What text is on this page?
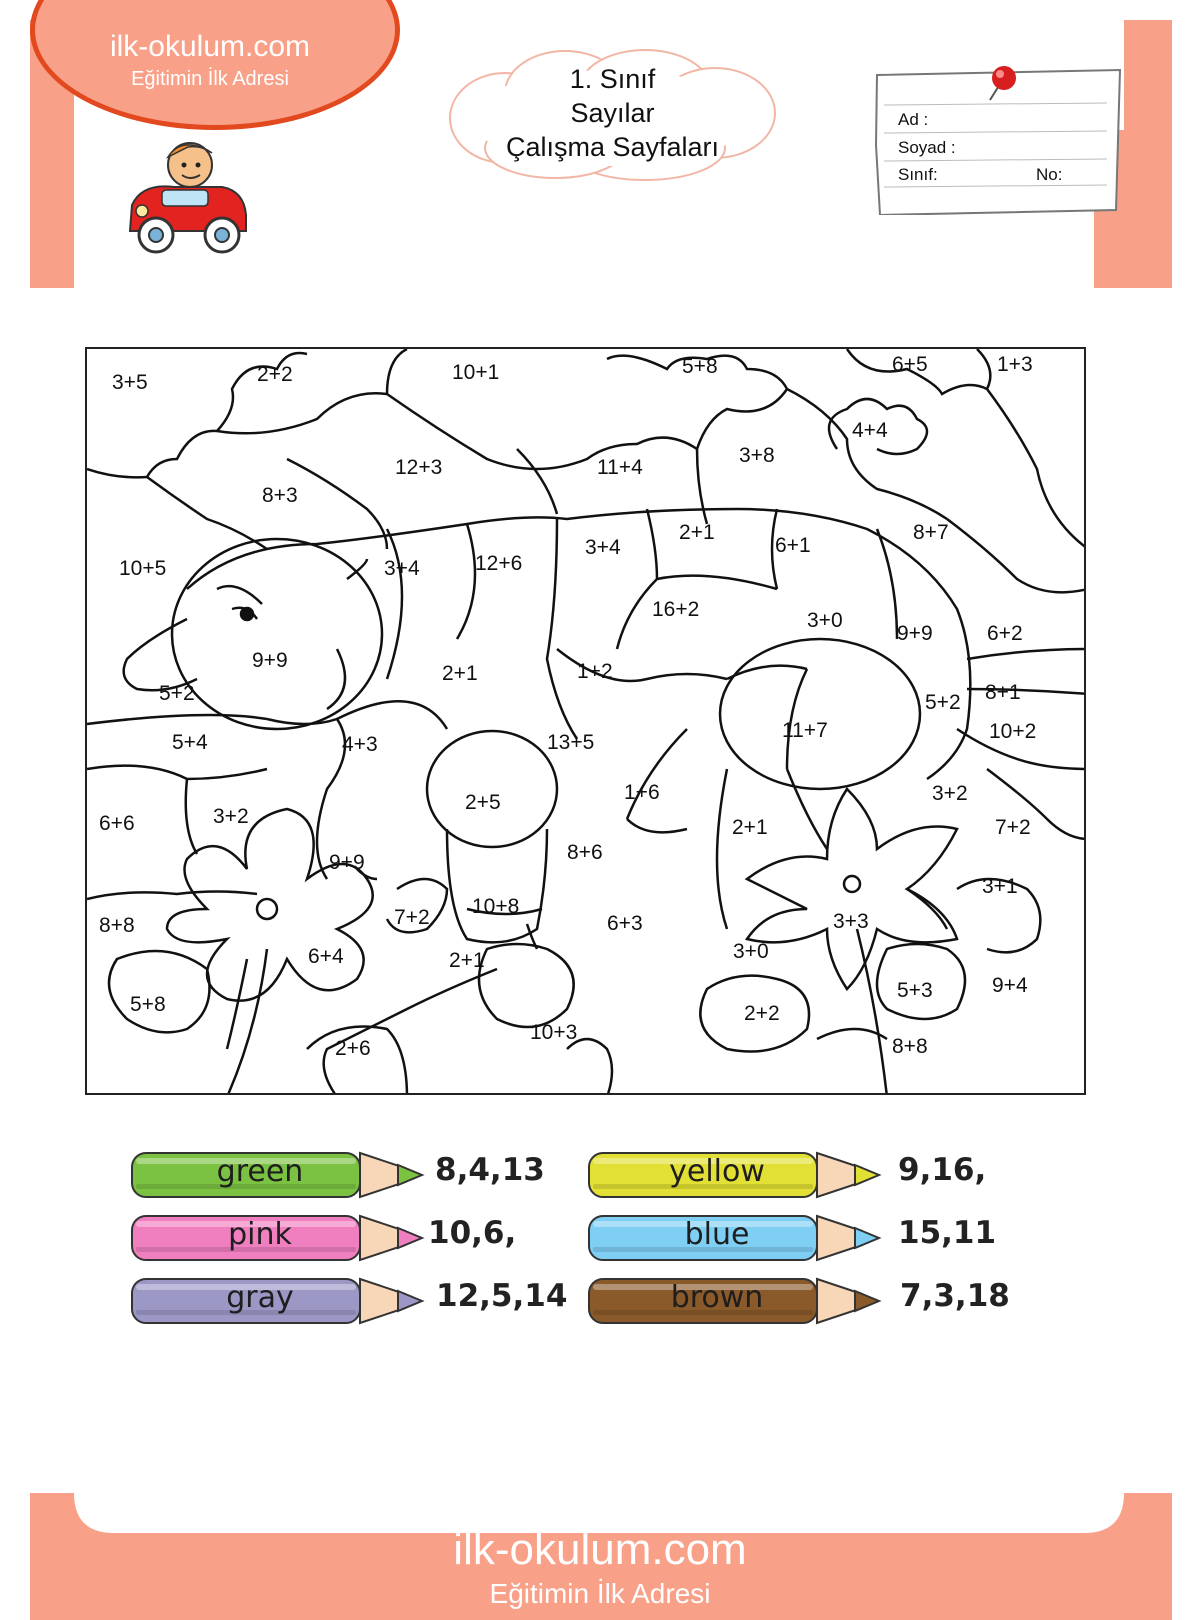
ilk-okulum.com
Eğitimin İlk Adresi	1. Sınıf
Sayılar
Çalışma Sayfaları
Ad :
Soyad :
Sınıf:	No:
3+5	2+2	10+1	5+8	6+5	1+3
4+4
12+3	11+4
3+8
8+3
8+7
10+5	3+4	12+6
3+4
2+1
6+1
16+2	3+0
9+9	6+2
9+9
2+1	1+2
5+2	8+1
5+2
11+7	10+2
5+4	4+3	13+5
2+5	1+6	3+2
6+6	3+2	2+1	7+2
9+9	8+6
3+1
8+8	7+2 10+8
6+3	3+3
6+4	2+1	3+0
9+4
5+3
5+8	2+2
10+3
2+6	8+8
green	8,4,13	yellow	9,16,
pink	10,6,	blue	15,11
gray	12,5,14	brown	7,3,18
ilk-okulum.com
Eğitimin İlk Adresi
